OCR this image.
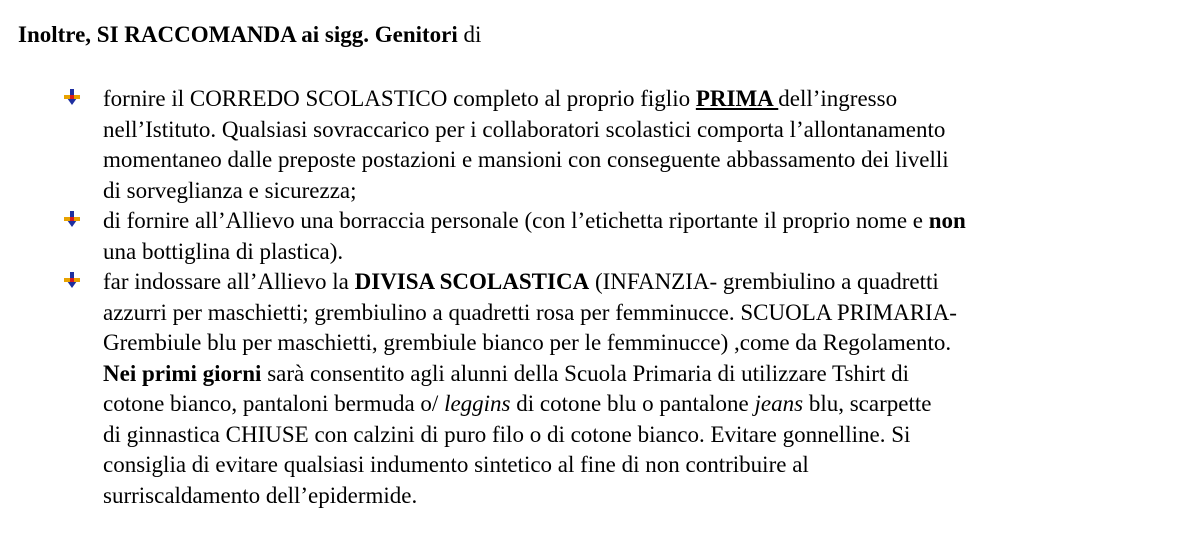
Inoltre, SI RACCOMANDA ai sigg. Genitori di
fornire il CORREDO SCOLASTICO completo al proprio figlio PRIMA dell’ingresso
nell’Istituto. Qualsiasi sovraccarico per i collaboratori scolastici comporta l’allontanamento
momentaneo dalle preposte postazioni e mansioni con conseguente abbassamento dei livelli
di sorveglianza e sicurezza;
di fornire all’Allievo una borraccia personale (con l’etichetta riportante il proprio nome e non
una bottiglina di plastica).
far indossare all’Allievo la DIVISA SCOLASTICA (INFANZIA- grembiulino a quadretti
azzurri per maschietti; grembiulino a quadretti rosa per femminucce. SCUOLA PRIMARIA-
Grembiule blu per maschietti, grembiule bianco per le femminucce) ,come da Regolamento.
Nei primi giorni sarà consentito agli alunni della Scuola Primaria di utilizzare Tshirt di
cotone bianco, pantaloni bermuda o/ leggins di cotone blu o pantalone jeans blu, scarpette
di ginnastica CHIUSE con calzini di puro filo o di cotone bianco. Evitare gonnelline. Si
consiglia di evitare qualsiasi indumento sintetico al fine di non contribuire al
surriscaldamento dell’epidermide.
